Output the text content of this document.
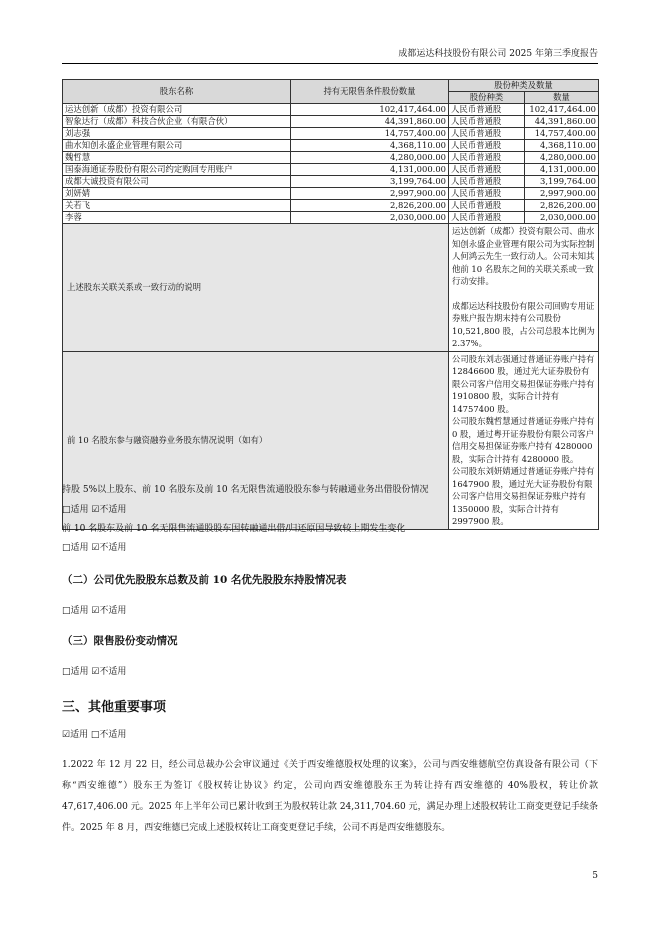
成都运达科技股份有限公司 2025 年第三季度报告
股东名称	持有无限售条件股份数量	股份种类及数量	
		股份种类	数量
运达创新（成都）投资有限公司	102,417,464.00	人民币普通股	102,417,464.00
智象达行（成都）科技合伙企业（有限合伙）	44,391,860.00	人民币普通股	44,391,860.00
刘志强	14,757,400.00	人民币普通股	14,757,400.00
曲水知创永盛企业管理有限公司	4,368,110.00	人民币普通股	4,368,110.00
魏哲慧	4,280,000.00	人民币普通股	4,280,000.00
国泰海通证券股份有限公司约定购回专用账户	4,131,000.00	人民币普通股	4,131,000.00
成都大诚投资有限公司	3,199,764.00	人民币普通股	3,199,764.00
刘妍婧	2,997,900.00	人民币普通股	2,997,900.00
关若飞	2,826,200.00	人民币普通股	2,826,200.00
李蓉	2,030,000.00	人民币普通股	2,030,000.00
上述股东关联关系或一致行动的说明		运达创新（成都）投资有限公司、曲水知创永盛企业管理有限公司为实际控制人何鸿云先生一致行动人。公司未知其他前 10 名股东之间的关联关系或一致行动安排。
成都运达科技股份有限公司回购专用证券账户报告期末持有公司股份 10,521,800 股，占公司总股本比例为 2.37%。	

前 10 名股东参与融资融券业务股东情况说明（如有）		公司股东刘志强通过普通证券账户持有 12846600 股，通过光大证券股份有限公司客户信用交易担保证券账户持有 1910800 股，实际合计持有 14757400 股。
公司股东魏哲慧通过普通证券账户持有 0 股，通过粤开证券股份有限公司客户信用交易担保证券账户持有 4280000 股，实际合计持有 4280000 股。
公司股东刘妍婧通过普通证券账户持有 1647900 股，通过光大证券股份有限公司客户信用交易担保证券账户持有 1350000 股，实际合计持有 2997900 股。	
持股 5%以上股东、前 10 名股东及前 10 名无限售流通股股东参与转融通业务出借股份情况
□适用 ☑不适用
前 10 名股东及前 10 名无限售流通股股东因转融通出借/归还原因导致较上期发生变化
□适用 ☑不适用
（二）公司优先股股东总数及前 10 名优先股股东持股情况表
□适用 ☑不适用
（三）限售股份变动情况
□适用 ☑不适用
三、其他重要事项
☑适用 □不适用
1.2022 年 12 月 22 日，经公司总裁办公会审议通过《关于西安维德股权处理的议案》，公司与西安维德航空仿真设备有限公司（下称“西安维德”）股东王为签订《股权转让协议》约定，公司向西安维德股东王为转让持有西安维德的 40%股权，转让价款 47,617,406.00 元。2025 年上半年公司已累计收到王为股权转让款 24,311,704.60 元，满足办理上述股权转让工商变更登记手续条件。2025 年 8 月，西安维德已完成上述股权转让工商变更登记手续，公司不再是西安维德股东。
5
